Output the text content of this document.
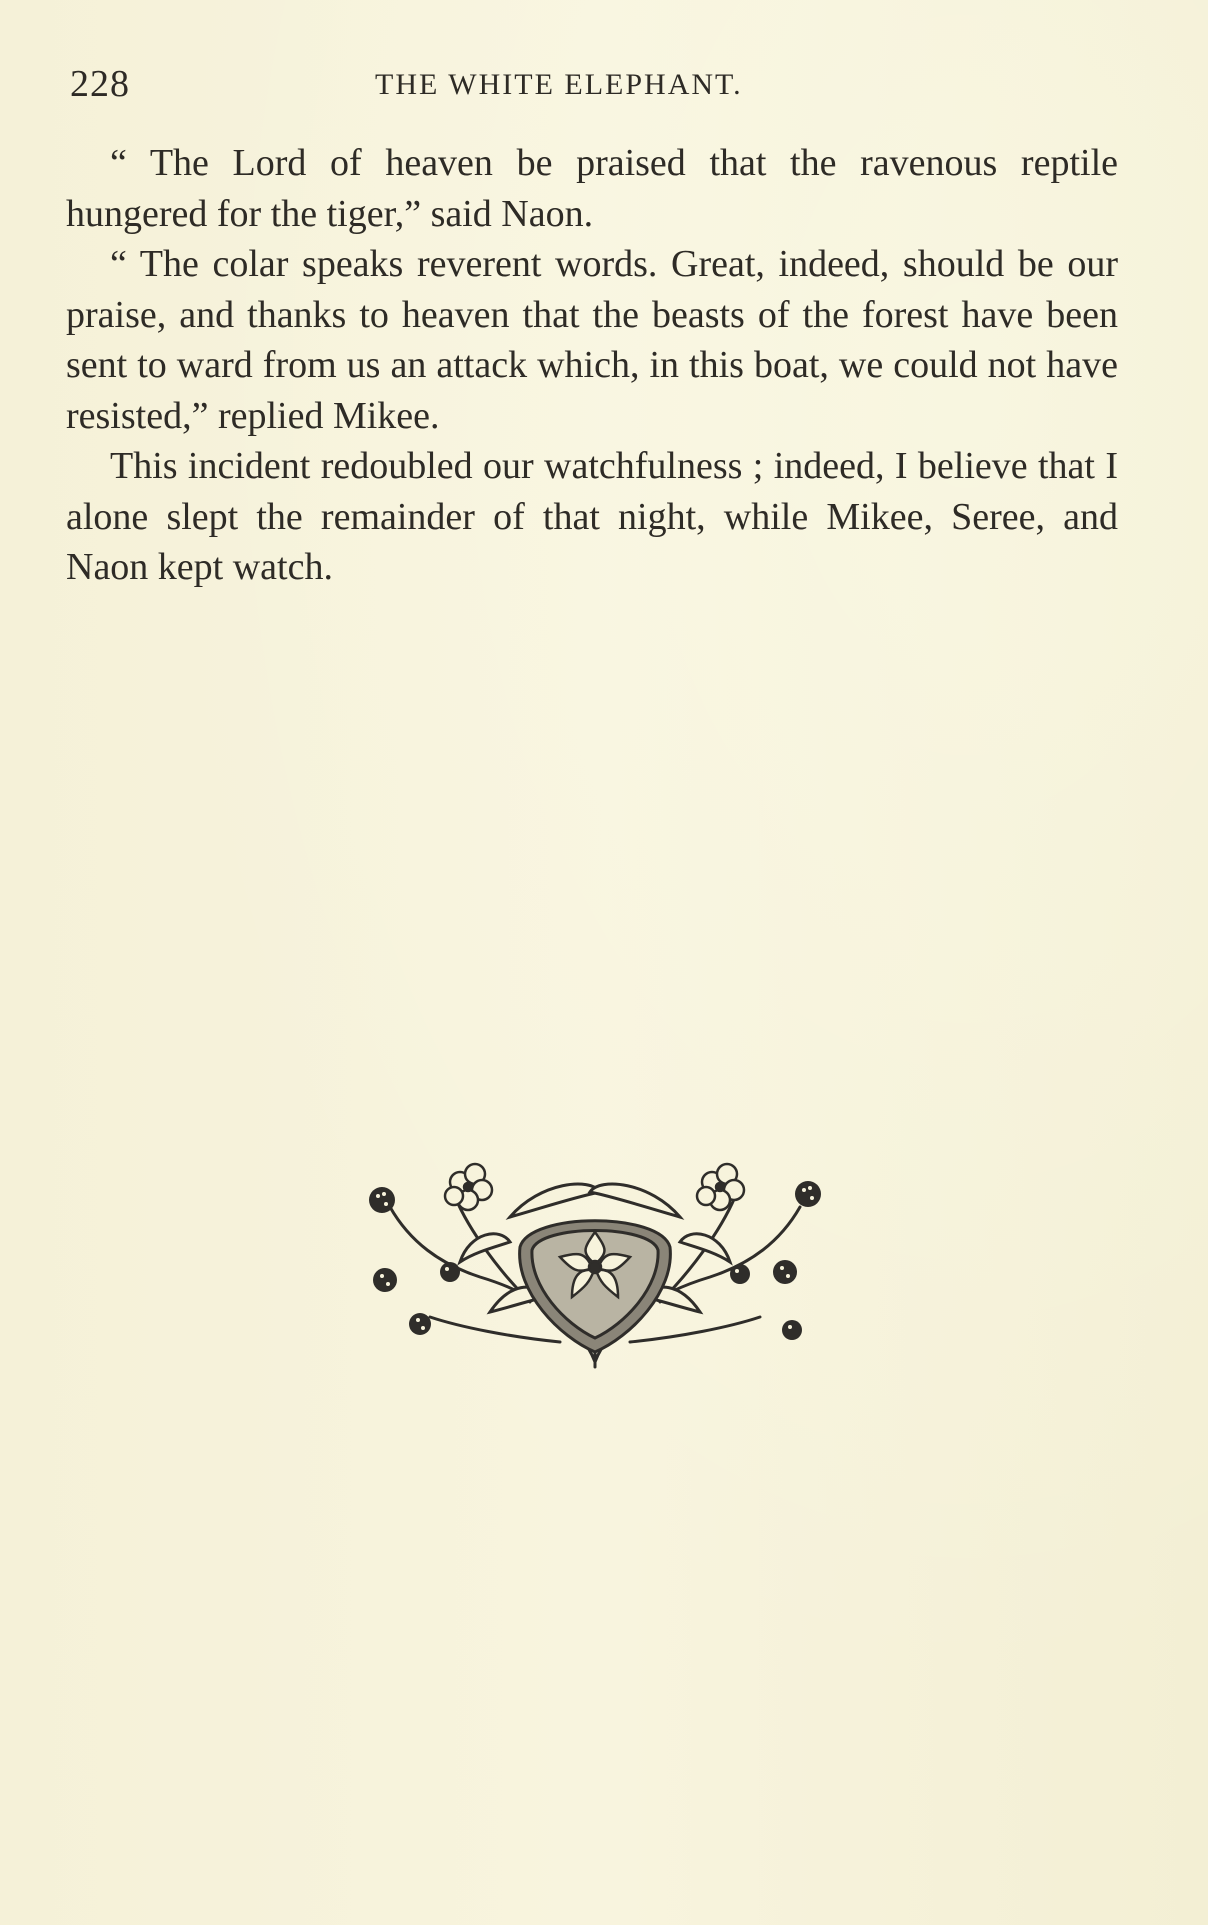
228	THE WHITE ELEPHANT.

“ The Lord of heaven be praised that the ravenous reptile hungered for the tiger,” said Naon.

“ The colar speaks reverent words. Great, indeed, should be our praise, and thanks to heaven that the beasts of the forest have been sent to ward from us an attack which, in this boat, we could not have resisted,” replied Mikee.

This incident redoubled our watchfulness ; indeed, I believe that I alone slept the remainder of that night, while Mikee, Seree, and Naon kept watch.
